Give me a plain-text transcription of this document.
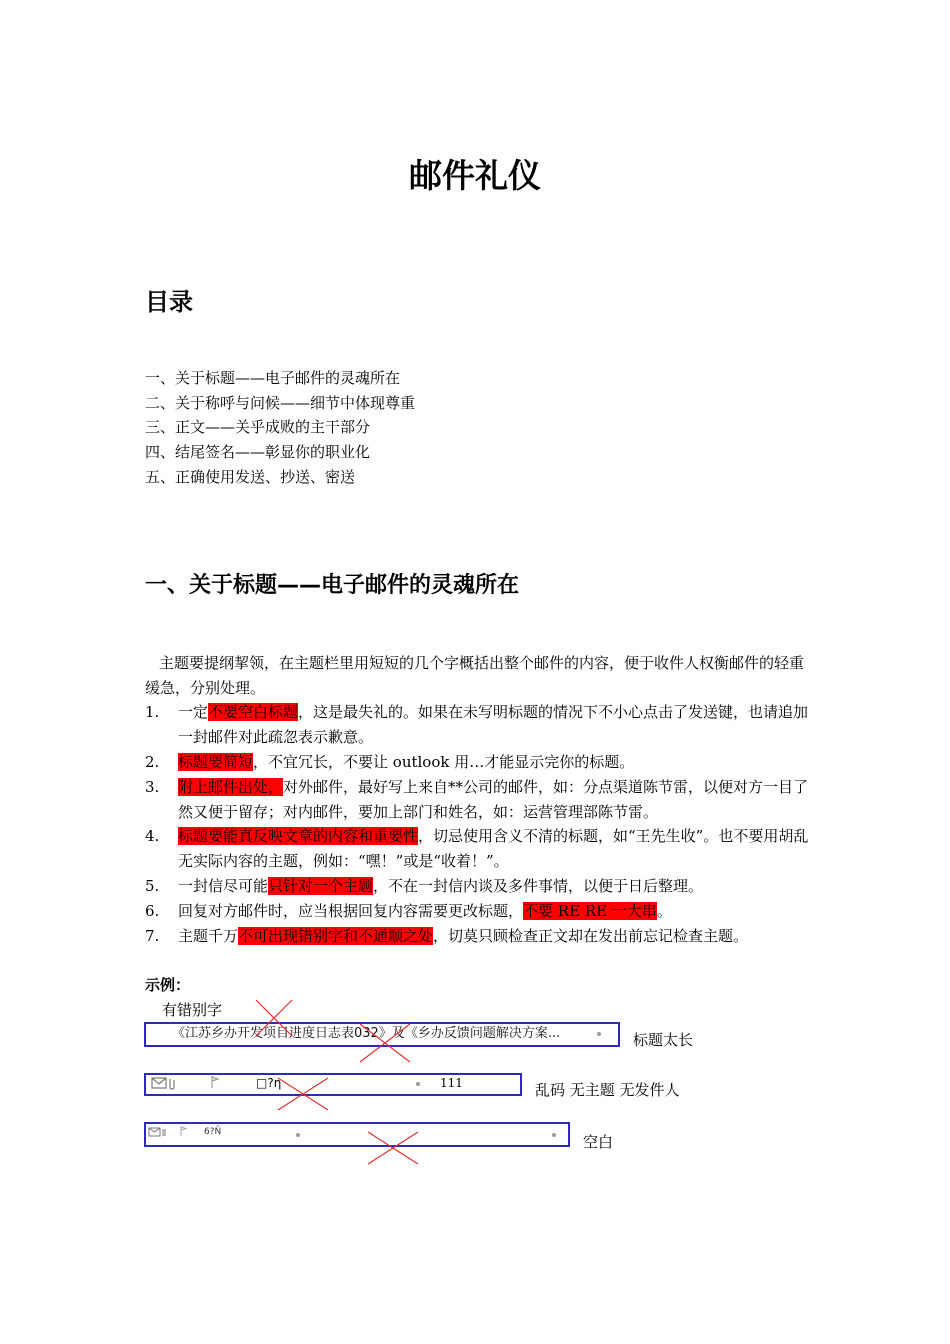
邮件礼仪
目录
一、关于标题——电子邮件的灵魂所在
二、关于称呼与问候——细节中体现尊重
三、正文——关乎成败的主干部分
四、结尾签名——彰显你的职业化
五、正确使用发送、抄送、密送
一、关于标题——电子邮件的灵魂所在
主题要提纲挈领，在主题栏里用短短的几个字概括出整个邮件的内容，便于收件人权衡邮件的轻重缓急，分别处理。
1. 一定不要空白标题，这是最失礼的。如果在未写明标题的情况下不小心点击了发送键，也请追加一封邮件对此疏忽表示歉意。
2. 标题要简短，不宜冗长，不要让 outlook 用…才能显示完你的标题。
3. 附上邮件出处，对外邮件，最好写上来自**公司的邮件，如：分点渠道陈节雷，以便对方一目了然又便于留存；对内邮件，要加上部门和姓名，如：运营管理部陈节雷。
4. 标题要能真反映文章的内容和重要性，切忌使用含义不清的标题，如“王先生收”。也不要用胡乱无实际内容的主题，例如：“嘿！”或是“收着！”。
5. 一封信尽可能只针对一个主题，不在一封信内谈及多件事情，以便于日后整理。
6. 回复对方邮件时，应当根据回复内容需要更改标题，不要 RE RE 一大串。
7. 主题千万不可出现错别字和不通顺之处，切莫只顾检查正文却在发出前忘记检查主题。
示例：
有错别字
《江苏乡办开发项目进度日志表032》及《乡办反馈问题解决方案...	标题太长
□?η	111	乱码 无主题 无发件人
6?Ñ
空白
